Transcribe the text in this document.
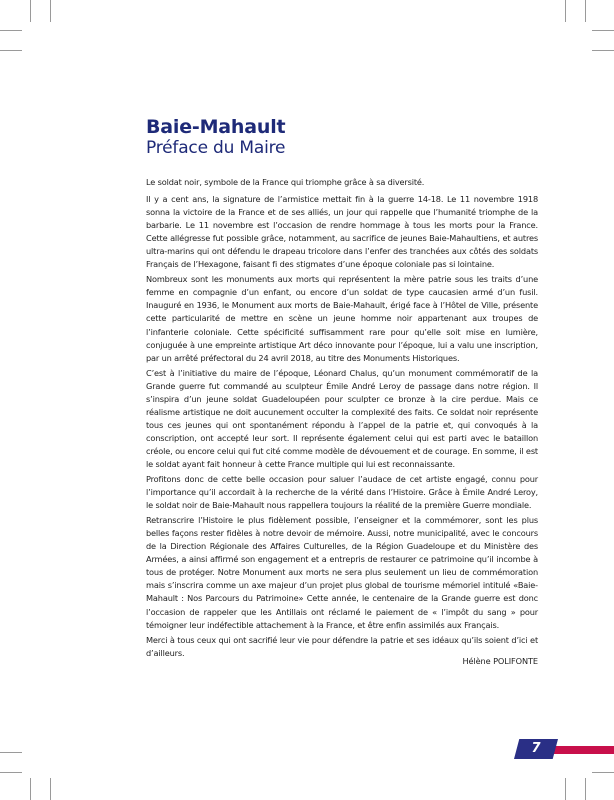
Baie-Mahault
Préface du Maire

Le soldat noir, symbole de la France qui triomphe grâce à sa diversité.

Il y a cent ans, la signature de l’armistice mettait fin à la guerre 14-18. Le 11 novembre 1918 sonna la victoire de la France et de ses alliés, un jour qui rappelle que l’humanité triomphe de la barbarie. Le 11 novembre est l’occasion de rendre hommage à tous les morts pour la France. Cette allégresse fut possible grâce, notamment, au sacrifice de jeunes Baie-Mahaultiens, et autres ultra-marins qui ont défendu le drapeau tricolore dans l’enfer des tranchées aux côtés des soldats Français de l’Hexagone, faisant fi des stigmates d’une époque coloniale pas si lointaine.

Nombreux sont les monuments aux morts qui représentent la mère patrie sous les traits d’une femme en compagnie d’un enfant, ou encore d’un soldat de type caucasien armé d’un fusil. Inauguré en 1936, le Monument aux morts de Baie-Mahault, érigé face à l’Hôtel de Ville, présente cette particularité de mettre en scène un jeune homme noir appartenant aux troupes de l’infanterie coloniale. Cette spécificité suffisamment rare pour qu’elle soit mise en lumière, conjuguée à une empreinte artistique Art déco innovante pour l’époque, lui a valu une inscription, par un arrêté préfectoral du 24 avril 2018, au titre des Monuments Historiques.

C’est à l’initiative du maire de l’époque, Léonard Chalus, qu’un monument commémoratif de la Grande guerre fut commandé au sculpteur Émile André Leroy de passage dans notre région. Il s’inspira d’un jeune soldat Guadeloupéen pour sculpter ce bronze à la cire perdue. Mais ce réalisme artistique ne doit aucunement occulter la complexité des faits. Ce soldat noir représente tous ces jeunes qui ont spontanément répondu à l’appel de la patrie et, qui convoqués à la conscription, ont accepté leur sort. Il représente également celui qui est parti avec le bataillon créole, ou encore celui qui fut cité comme modèle de dévouement et de courage. En somme, il est le soldat ayant fait honneur à cette France multiple qui lui est reconnaissante.

Profitons donc de cette belle occasion pour saluer l’audace de cet artiste engagé, connu pour l’importance qu’il accordait à la recherche de la vérité dans l’Histoire. Grâce à Émile André Leroy, le soldat noir de Baie-Mahault nous rappellera toujours la réalité de la première Guerre mondiale.

Retranscrire l’Histoire le plus fidèlement possible, l’enseigner et la commémorer, sont les plus belles façons rester fidèles à notre devoir de mémoire. Aussi, notre municipalité, avec le concours de la Direction Régionale des Affaires Culturelles, de la Région Guadeloupe et du Ministère des Armées, a ainsi affirmé son engagement et a entrepris de restaurer ce patrimoine qu’il incombe à tous de protéger. Notre Monument aux morts ne sera plus seulement un lieu de commémoration mais s’inscrira comme un axe majeur d’un projet plus global de tourisme mémoriel intitulé «Baie-Mahault : Nos Parcours du Patrimoine» Cette année, le centenaire de la Grande guerre est donc l’occasion de rappeler que les Antillais ont réclamé le paiement de « l’impôt du sang » pour témoigner leur indéfectible attachement à la France, et être enfin assimilés aux Français.

Merci à tous ceux qui ont sacrifié leur vie pour défendre la patrie et ses idéaux qu’ils soient d’ici et d’ailleurs.

Hélène POLIFONTE
7
